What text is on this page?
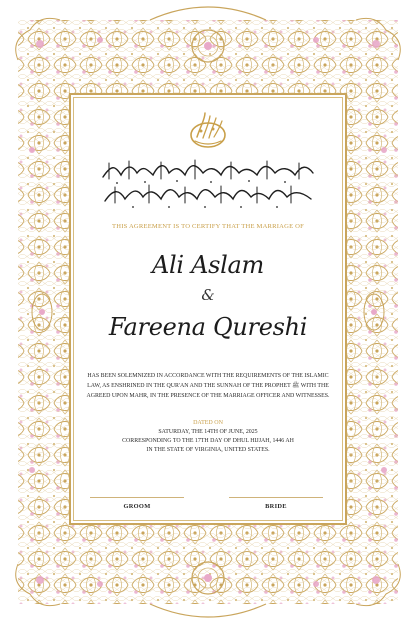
THIS AGREEMENT IS TO CERTIFY THAT THE MARRIAGE OF
Ali Aslam
&
Fareena Qureshi
HAS BEEN SOLEMNIZED IN ACCORDANCE WITH THE REQUIREMENTS OF THE ISLAMIC
LAW, AS ENSHRINED IN THE QUR'AN AND THE SUNNAH OF THE PROPHET ﷺ WITH THE
AGREED UPON MAHR, IN THE PRESENCE OF THE MARRIAGE OFFICER AND WITNESSES.
DATED ON
SATURDAY, THE 14TH OF JUNE, 2025
CORRESPONDING TO THE 17TH DAY OF DHUL HIJJAH, 1446 AH
IN THE STATE OF VIRGINIA, UNITED STATES.
GROOM	BRIDE
